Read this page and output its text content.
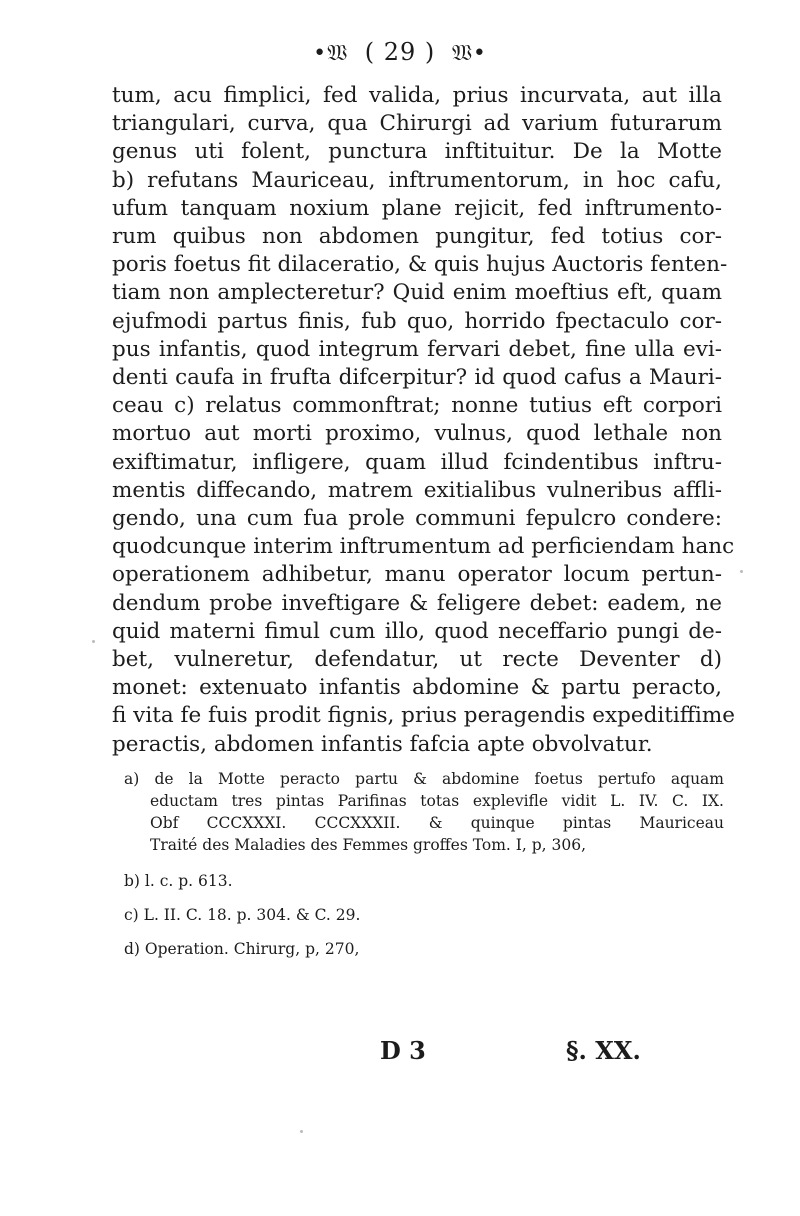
•𝔚 ( 29 ) 𝔚•
tum, acu fimplici, fed valida, prius incurvata, aut illa
triangulari, curva, qua Chirurgi ad varium futurarum
genus uti folent, punctura inftituitur. De la Motte
b) refutans Mauriceau, inftrumentorum, in hoc cafu,
ufum tanquam noxium plane rejicit, fed inftrumento-
rum quibus non abdomen pungitur, fed totius cor-
poris foetus fit dilaceratio, & quis hujus Auctoris fenten-
tiam non amplecteretur? Quid enim moeftius eft, quam
ejufmodi partus finis, fub quo, horrido fpectaculo cor-
pus infantis, quod integrum fervari debet, fine ulla evi-
denti caufa in frufta difcerpitur? id quod cafus a Mauri-
ceau c) relatus commonftrat; nonne tutius eft corpori
mortuo aut morti proximo, vulnus, quod lethale non
exiftimatur, infligere, quam illud fcindentibus inftru-
mentis diffecando, matrem exitialibus vulneribus affli-
gendo, una cum fua prole communi fepulcro condere:
quodcunque interim inftrumentum ad perficiendam hanc
operationem adhibetur, manu operator locum pertun-
dendum probe inveftigare & feligere debet: eadem, ne
quid materni fimul cum illo, quod neceffario pungi de-
bet, vulneretur, defendatur, ut recte Deventer d)
monet: extenuato infantis abdomine & partu peracto,
fi vita fe fuis prodit fignis, prius peragendis expeditiffime
peractis, abdomen infantis fafcia apte obvolvatur.
a) de la Motte peracto partu & abdomine foetus pertufo aquam
eductam tres pintas Parifinas totas explevifle vidit L. IV. C. IX.
Obf CCCXXXI. CCCXXXII. & quinque pintas Mauriceau
Traité des Maladies des Femmes groffes Tom. I, p, 306,
b) l. c. p. 613.
c) L. II. C. 18. p. 304. & C. 29.
d) Operation. Chirurg, p, 270,
D 3	§. XX.
